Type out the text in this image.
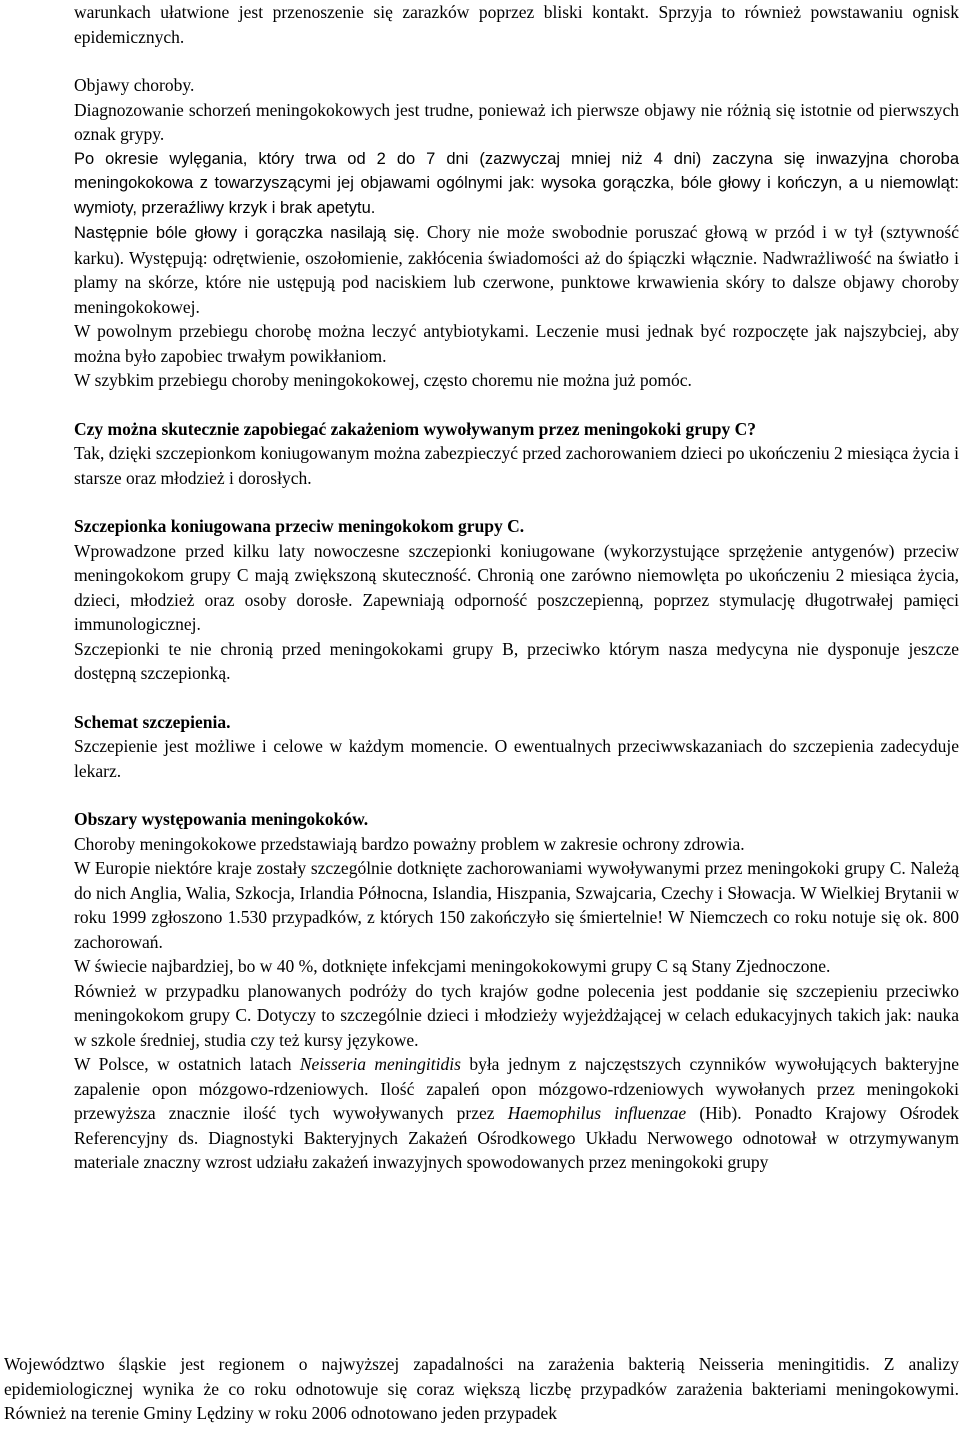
warunkach ułatwione jest przenoszenie się zarazków poprzez bliski kontakt. Sprzyja to również powstawaniu ognisk epidemicznych.

Objawy choroby.

Diagnozowanie schorzeń meningokokowych jest trudne, ponieważ ich pierwsze objawy nie różnią się istotnie od pierwszych oznak grypy.

Po okresie wylęgania, który trwa od 2 do 7 dni (zazwyczaj mniej niż 4 dni) zaczyna się inwazyjna choroba meningokokowa z towarzyszącymi jej objawami ogólnymi jak: wysoka gorączka, bóle głowy i kończyn, a u niemowląt: wymioty, przeraźliwy krzyk i brak apetytu.

Następnie bóle głowy i gorączka nasilają się. Chory nie może swobodnie poruszać głową w przód i w tył (sztywność karku). Występują: odrętwienie, oszołomienie, zakłócenia świadomości aż do śpiączki włącznie. Nadwrażliwość na światło i plamy na skórze, które nie ustępują pod naciskiem lub czerwone, punktowe krwawienia skóry to dalsze objawy choroby meningokokowej.

W powolnym przebiegu chorobę można leczyć antybiotykami. Leczenie musi jednak być rozpoczęte jak najszybciej, aby można było zapobiec trwałym powikłaniom.

W szybkim przebiegu choroby meningokokowej, często choremu nie można już pomóc.

Czy można skutecznie zapobiegać zakażeniom wywoływanym przez meningokoki grupy C?

Tak, dzięki szczepionkom koniugowanym można zabezpieczyć przed zachorowaniem dzieci po ukończeniu 2 miesiąca życia i starsze oraz młodzież i dorosłych.

Szczepionka koniugowana przeciw meningokokom grupy C.

Wprowadzone przed kilku laty nowoczesne szczepionki koniugowane (wykorzystujące sprzężenie antygenów) przeciw meningokokom grupy C mają zwiększoną skuteczność. Chronią one zarówno niemowlęta po ukończeniu 2 miesiąca życia, dzieci, młodzież oraz osoby dorosłe. Zapewniają odporność poszczepienną, poprzez stymulację długotrwałej pamięci immunologicznej.

Szczepionki te nie chronią przed meningokokami grupy B, przeciwko którym nasza medycyna nie dysponuje jeszcze dostępną szczepionką.

Schemat szczepienia.

Szczepienie jest możliwe i celowe w każdym momencie. O ewentualnych przeciwwskazaniach do szczepienia zadecyduje lekarz.

Obszary występowania meningokoków.

Choroby meningokokowe przedstawiają bardzo poważny problem w zakresie ochrony zdrowia.

W Europie niektóre kraje zostały szczególnie dotknięte zachorowaniami wywoływanymi przez meningokoki grupy C. Należą do nich Anglia, Walia, Szkocja, Irlandia Północna, Islandia, Hiszpania, Szwajcaria, Czechy i Słowacja. W Wielkiej Brytanii w roku 1999 zgłoszono 1.530 przypadków, z których 150 zakończyło się śmiertelnie! W Niemczech co roku notuje się ok. 800 zachorowań.

W świecie najbardziej, bo w 40 %, dotknięte infekcjami meningokokowymi grupy C są Stany Zjednoczone.

Również w przypadku planowanych podróży do tych krajów godne polecenia jest poddanie się szczepieniu przeciwko meningokokom grupy C. Dotyczy to szczególnie dzieci i młodzieży wyjeżdżającej w celach edukacyjnych takich jak: nauka w szkole średniej, studia czy też kursy językowe.

W Polsce, w ostatnich latach Neisseria meningitidis była jednym z najczęstszych czynników wywołujących bakteryjne zapalenie opon mózgowo-rdzeniowych. Ilość zapaleń opon mózgowo-rdzeniowych wywołanych przez meningokoki przewyższa znacznie ilość tych wywoływanych przez Haemophilus influenzae (Hib). Ponadto Krajowy Ośrodek Referencyjny ds. Diagnostyki Bakteryjnych Zakażeń Ośrodkowego Układu Nerwowego odnotował w otrzymywanym materiale znaczny wzrost udziału zakażeń inwazyjnych spowodowanych przez meningokoki grupy

Województwo śląskie jest regionem o najwyższej zapadalności na zarażenia bakterią Neisseria meningitidis. Z analizy epidemiologicznej wynika że co roku odnotowuje się coraz większą liczbę przypadków zarażenia bakteriami meningokowymi. Również na terenie Gminy Lędziny w roku 2006 odnotowano jeden przypadek
